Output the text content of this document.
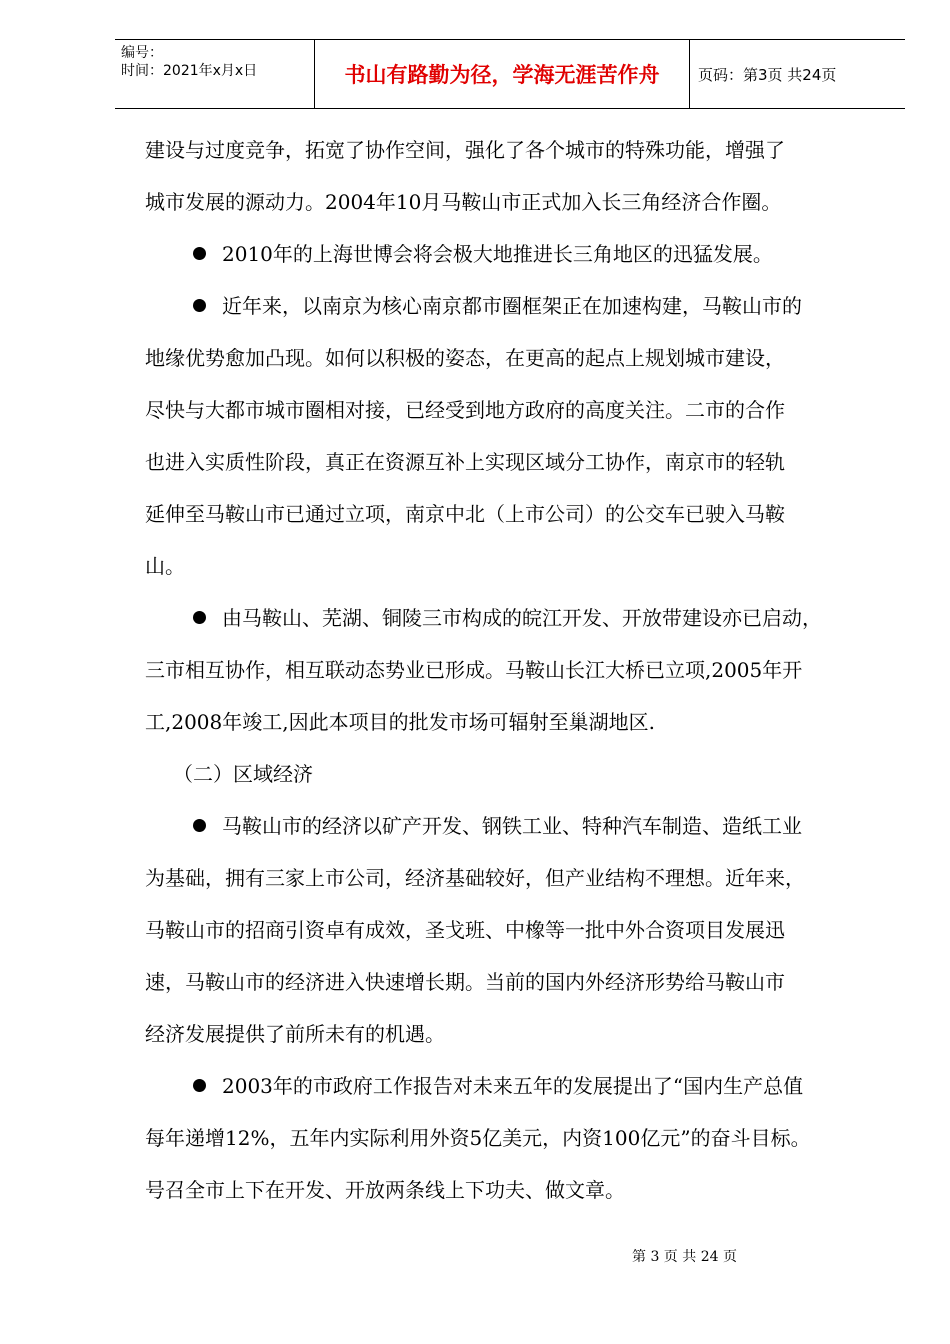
编号：
时间：2021年x月x日	书山有路勤为径，学海无涯苦作舟	页码：第3页 共24页
建设与过度竞争，拓宽了协作空间，强化了各个城市的特殊功能，增强了
城市发展的源动力。2004年10月马鞍山市正式加入长三角经济合作圈。
2010年的上海世博会将会极大地推进长三角地区的迅猛发展。
近年来，以南京为核心南京都市圈框架正在加速构建，马鞍山市的
地缘优势愈加凸现。如何以积极的姿态，在更高的起点上规划城市建设，
尽快与大都市城市圈相对接，已经受到地方政府的高度关注。二市的合作
也进入实质性阶段，真正在资源互补上实现区域分工协作，南京市的轻轨
延伸至马鞍山市已通过立项，南京中北（上市公司）的公交车已驶入马鞍
山。
由马鞍山、芜湖、铜陵三市构成的皖江开发、开放带建设亦已启动，
三市相互协作，相互联动态势业已形成。马鞍山长江大桥已立项,2005年开
工,2008年竣工,因此本项目的批发市场可辐射至巢湖地区.
（二）区域经济
马鞍山市的经济以矿产开发、钢铁工业、特种汽车制造、造纸工业
为基础，拥有三家上市公司，经济基础较好，但产业结构不理想。近年来，
马鞍山市的招商引资卓有成效，圣戈班、中橡等一批中外合资项目发展迅
速，马鞍山市的经济进入快速增长期。当前的国内外经济形势给马鞍山市
经济发展提供了前所未有的机遇。
2003年的市政府工作报告对未来五年的发展提出了“国内生产总值
每年递增12%，五年内实际利用外资5亿美元，内资100亿元”的奋斗目标。
号召全市上下在开发、开放两条线上下功夫、做文章。
第 3 页 共 24 页
